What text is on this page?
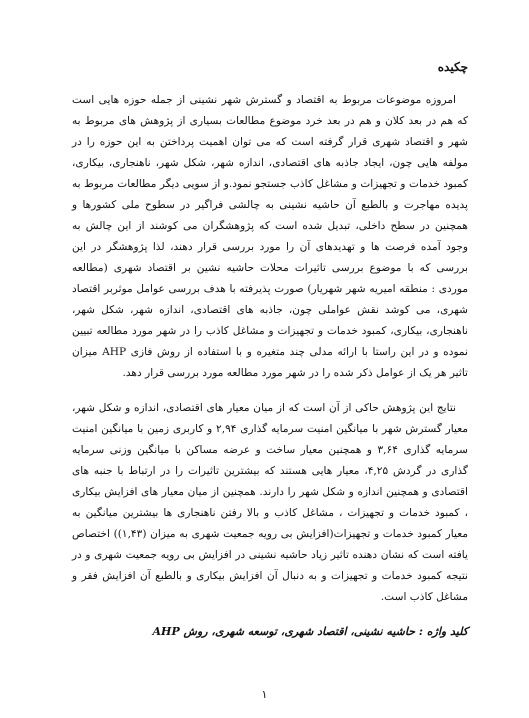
چکیده

امروزه موضوعات مربوط به اقتصاد و گسترش شهر نشینی از جمله حوزه هایی است که هم در بعد کلان و هم در بعد خرد موضوع مطالعات بسیاری از پژوهش های مربوط به شهر و اقتصاد شهری قرار گرفته است که می توان اهمیت پرداختن به این حوزه را در مولفه هایی چون، ایجاد جاذبه های اقتصادی، اندازه شهر، شکل شهر، ناهنجاری، بیکاری، کمبود خدمات و تجهیزات و مشاغل کاذب جستجو نمود.و از سویی دیگر مطالعات مربوط به پدیده مهاجرت و بالطبع آن حاشیه نشینی به چالشی فراگیر در سطوح ملی کشورها و همچنین در سطح داخلی، تبدیل شده است که پژوهشگران می کوشند از این چالش به وجود آمده فرصت ها و تهدیدهای آن را مورد بررسی قرار دهند، لذا پژوهشگر در این بررسی که با موضوع بررسی تاثیرات محلات حاشیه نشین بر اقتصاد شهری (مطالعه موردی : منطقه امیریه شهر شهریار) صورت پذیرفته با هدف بررسی عوامل موثربر اقتصاد شهری، می کوشد نقش عواملی چون، جاذبه های اقتصادی، اندازه شهر، شکل شهر، ناهنجاری، بیکاری، کمبود خدمات و تجهیزات و مشاغل کاذب را در شهر مورد مطالعه تبیین نموده و در این راستا با ارائه مدلی چند متغیره و با استفاده از روش فازی AHP میزان تاثیر هر یک از عوامل ذکر شده را در شهر مورد مطالعه مورد بررسی قرار دهد.

نتایج این پژوهش حاکی از آن است که از میان معیار های اقتصادی، اندازه و شکل شهر، معیار گسترش شهر با میانگین امنیت سرمایه گذاری ۲,۹۴ و کاربری زمین با میانگین امنیت سرمایه گذاری ۳,۶۴ و همچنین معیار ساخت و عرضه مساکن با میانگین وزنی سرمایه گذاری در گردش ۴,۲۵، معیار هایی هستند که بیشترین تاثیرات را در ارتباط با جنبه های اقتصادی و همچنین اندازه و شکل شهر را دارند. همچنین از میان معیار های افزایش بیکاری ، کمبود خدمات و تجهیزات ، مشاغل کاذب و بالا رفتن ناهنجاری ها بیشترین میانگین به معیار کمبود خدمات و تجهیزات(افزایش بی رویه جمعیت شهری به میزان (۱,۴۳)) اختصاص یافته است که نشان دهنده تاثیر زیاد حاشیه نشینی در افزایش بی رویه جمعیت شهری و در نتیجه کمبود خدمات و تجهیزات و به دنبال آن افزایش بیکاری و بالطبع آن افزایش فقر و مشاغل کاذب است.

کلید واژه : حاشیه نشینی، اقتصاد شهری، توسعه شهری، روش AHP
۱
